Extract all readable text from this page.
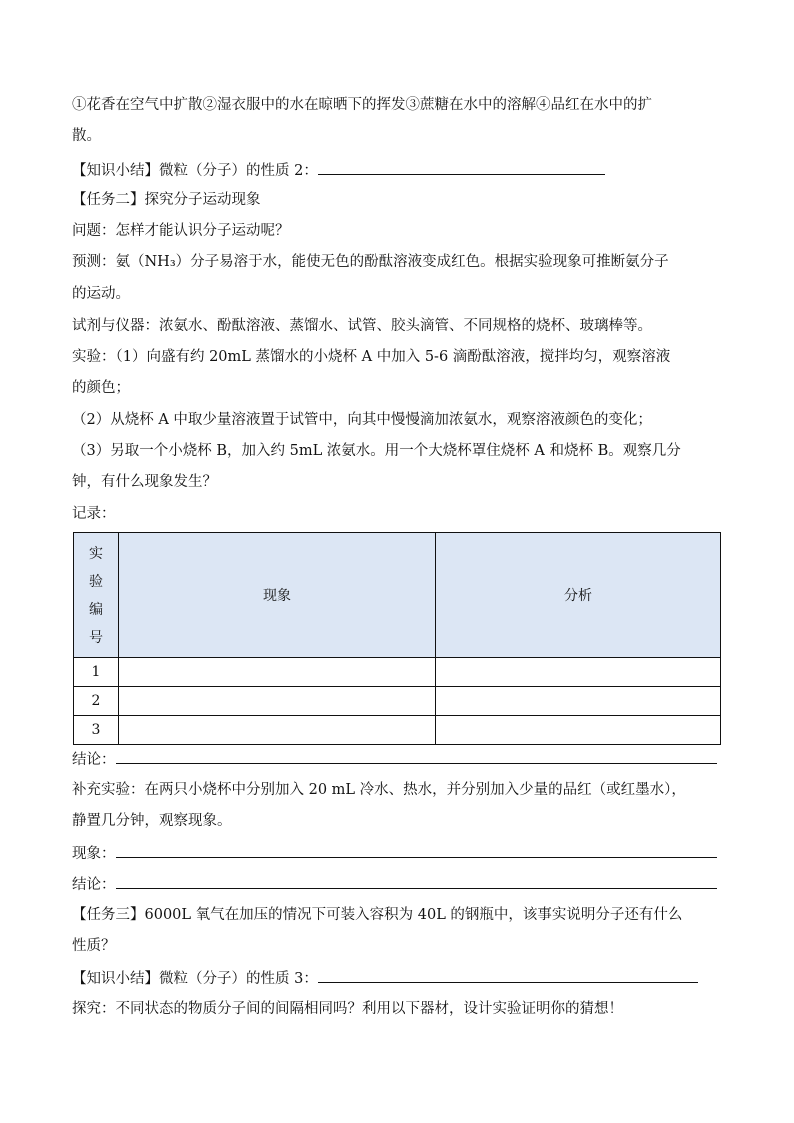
①花香在空气中扩散②湿衣服中的水在晾晒下的挥发③蔗糖在水中的溶解④品红在水中的扩
散。
【知识小结】微粒（分子）的性质 2：
【任务二】探究分子运动现象
问题：怎样才能认识分子运动呢？
预测：氨（NH₃）分子易溶于水，能使无色的酚酞溶液变成红色。根据实验现象可推断氨分子
的运动。
试剂与仪器：浓氨水、酚酞溶液、蒸馏水、试管、胶头滴管、不同规格的烧杯、玻璃棒等。
实验：（1）向盛有约 20mL 蒸馏水的小烧杯 A 中加入 5-6 滴酚酞溶液，搅拌均匀，观察溶液
的颜色；
（2）从烧杯 A 中取少量溶液置于试管中，向其中慢慢滴加浓氨水，观察溶液颜色的变化；
（3）另取一个小烧杯 B，加入约 5mL 浓氨水。用一个大烧杯罩住烧杯 A 和烧杯 B。观察几分
钟，有什么现象发生？
记录：
实
验
编
号	现象	分析
1		
2		
3		
结论：
补充实验：在两只小烧杯中分别加入 20 mL 冷水、热水，并分别加入少量的品红（或红墨水），
静置几分钟，观察现象。
现象：
结论：
【任务三】6000L 氧气在加压的情况下可装入容积为 40L 的钢瓶中，该事实说明分子还有什么
性质？
【知识小结】微粒（分子）的性质 3：
探究：不同状态的物质分子间的间隔相同吗？利用以下器材，设计实验证明你的猜想！
